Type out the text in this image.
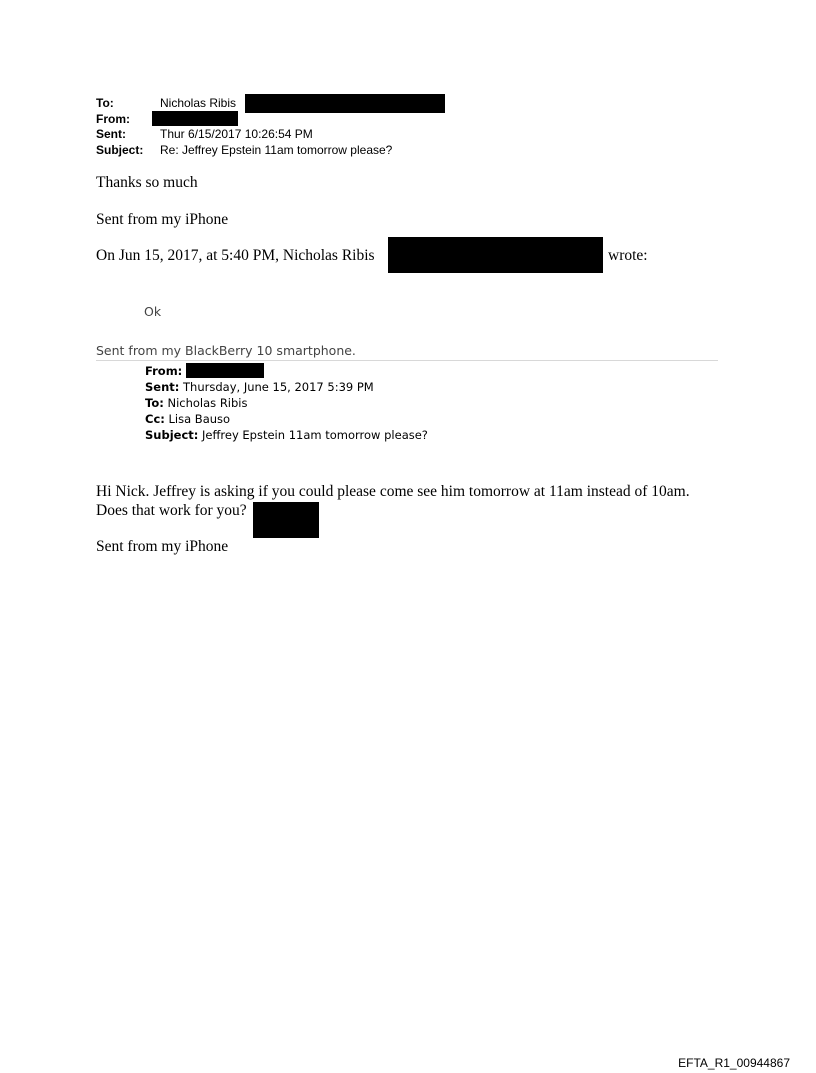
To:	Nicholas Ribis
From:
Sent:	Thur 6/15/2017 10:26:54 PM
Subject: Re: Jeffrey Epstein 11am tomorrow please?
Thanks so much
Sent from my iPhone
On Jun 15, 2017, at 5:40 PM, Nicholas Ribis	wrote:
Ok
Sent from my BlackBerry 10 smartphone.
From:
Sent: Thursday, June 15, 2017 5:39 PM
To: Nicholas Ribis
Cc: Lisa Bauso
Subject: Jeffrey Epstein 11am tomorrow please?
Hi Nick. Jeffrey is asking if you could please come see him tomorrow at 11am instead of 10am.
Does that work for you?
Sent from my iPhone
EFTA_R1_00944867
